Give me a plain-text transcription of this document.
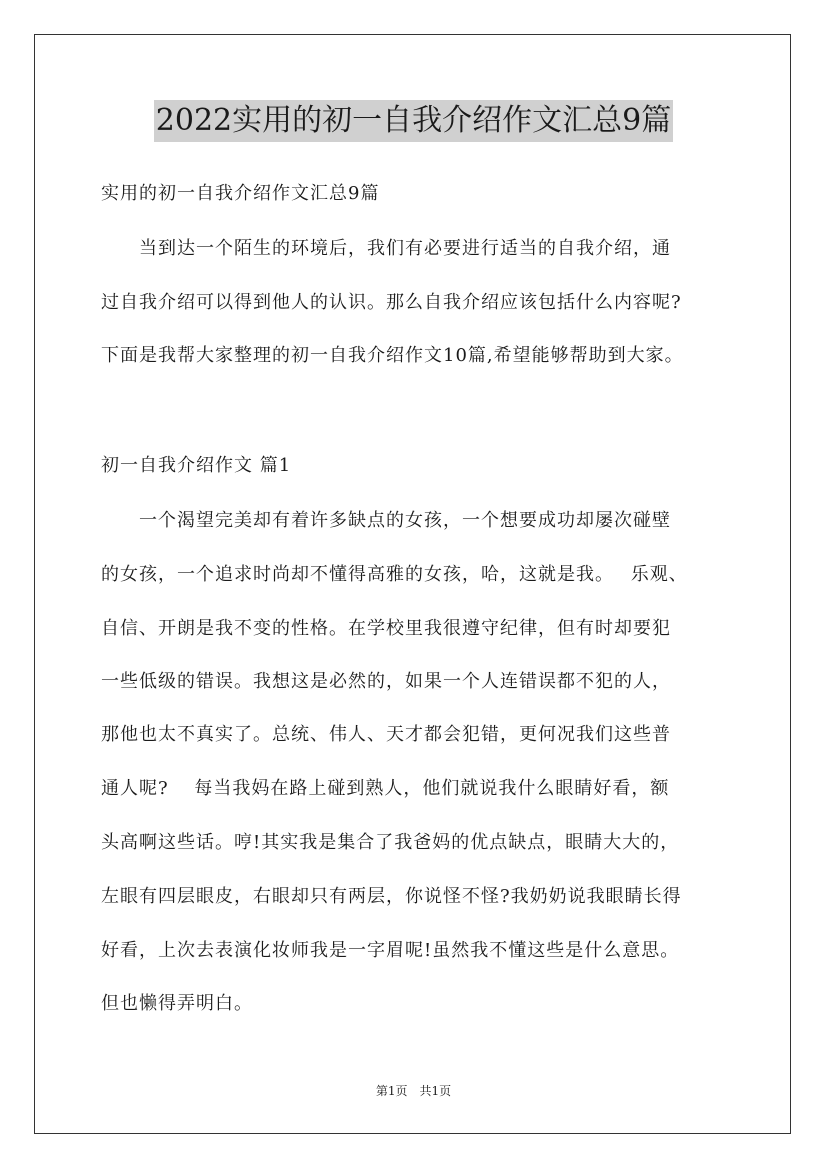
2022实用的初一自我介绍作文汇总9篇
实用的初一自我介绍作文汇总9篇
　　当到达一个陌生的环境后，我们有必要进行适当的自我介绍，通
过自我介绍可以得到他人的认识。那么自我介绍应该包括什么内容呢?
下面是我帮大家整理的初一自我介绍作文10篇,希望能够帮助到大家。
初一自我介绍作文 篇1
　　一个渴望完美却有着许多缺点的女孩，一个想要成功却屡次碰壁
的女孩，一个追求时尚却不懂得高雅的女孩，哈，这就是我。　 乐观、
自信、开朗是我不变的性格。在学校里我很遵守纪律，但有时却要犯
一些低级的错误。我想这是必然的，如果一个人连错误都不犯的人，
那他也太不真实了。总统、伟人、天才都会犯错，更何况我们这些普
通人呢?　 每当我妈在路上碰到熟人，他们就说我什么眼睛好看，额
头高啊这些话。哼!其实我是集合了我爸妈的优点缺点，眼睛大大的，
左眼有四层眼皮，右眼却只有两层，你说怪不怪?我奶奶说我眼睛长得
好看，上次去表演化妆师我是一字眉呢!虽然我不懂这些是什么意思。
但也懒得弄明白。
第1页　共1页
